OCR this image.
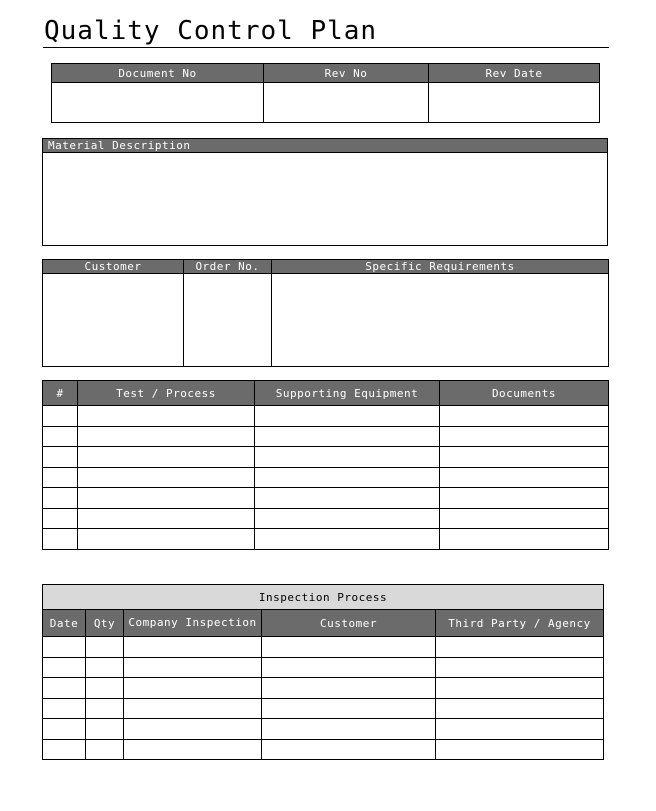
Quality Control Plan
Document No	Rev No	Rev Date

Material Description

Customer	Order No.	Specific Requirements

#	Test / Process	Supporting Equipment	Documents

Inspection Process				
Date	Qty	Company Inspection	Customer	Third Party / Agency
